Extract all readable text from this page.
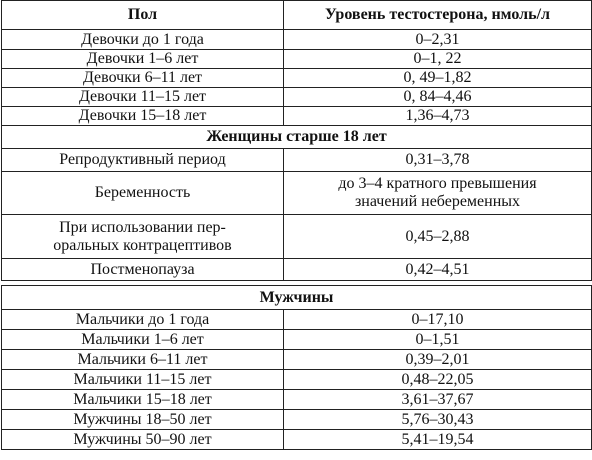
Пол	Уровень тестостерона, нмоль/л
Девочки до 1 года	0–2,31
Девочки 1–6 лет	0–1, 22
Девочки 6–11 лет	0, 49–1,82
Девочки 11–15 лет	0, 84–4,46
Девочки 15–18 лет	1,36–4,73
Женщины старше 18 лет	
Репродуктивный период	0,31–3,78
Беременность	до 3–4 кратного превышения
значений небеременных

При использовании пер-
оральных контрацептивов	0,45–2,88
Постменопауза	0,42–4,51

Мужчины	
Мальчики до 1 года	0–17,10
Мальчики 1–6 лет	0–1,51
Мальчики 6–11 лет	0,39–2,01
Мальчики 11–15 лет	0,48–22,05
Мальчики 15–18 лет	3,61–37,67
Мужчины 18–50 лет	5,76–30,43
Мужчины 50–90 лет	5,41–19,54
